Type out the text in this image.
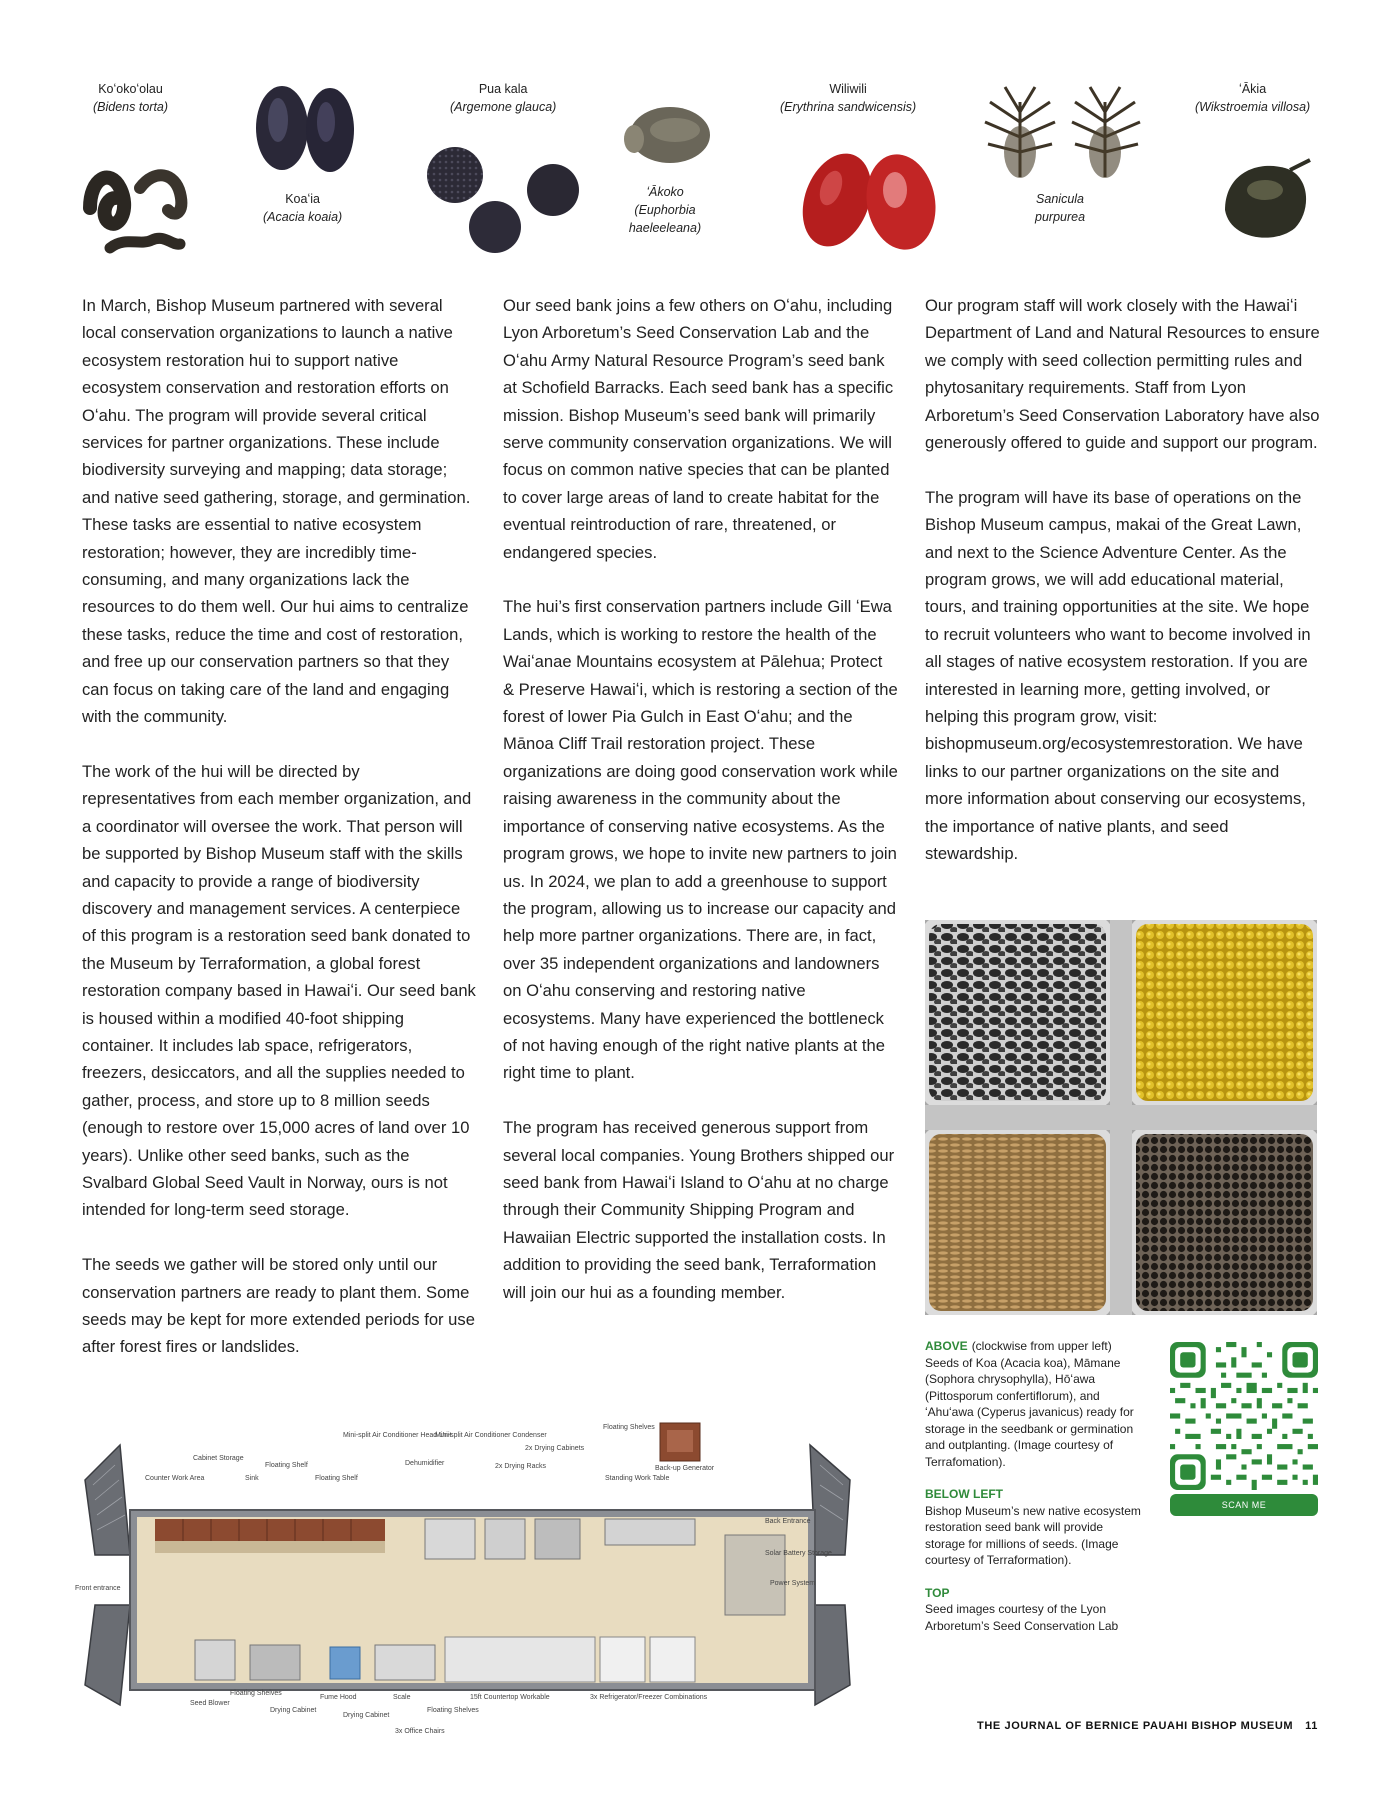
Koʻokoʻolau
(Bidens torta)
Koaʻia
(Acacia koaia)
Pua kala
(Argemone glauca)
ʻĀkoko
(Euphorbia haeleeleana)
Wiliwili
(Erythrina sandwicensis)
Sanicula
purpurea
ʻĀkia
(Wikstroemia villosa)

In March, Bishop Museum partnered with several local conservation organizations to launch a native ecosystem restoration hui to support native ecosystem conservation and restoration efforts on Oʻahu. The program will provide several critical services for partner organizations. These include biodiversity surveying and mapping; data storage; and native seed gathering, storage, and germination. These tasks are essential to native ecosystem restoration; however, they are incredibly time-consuming, and many organizations lack the resources to do them well. Our hui aims to centralize these tasks, reduce the time and cost of restoration, and free up our conservation partners so that they can focus on taking care of the land and engaging with the community.

The work of the hui will be directed by representatives from each member organization, and a coordinator will oversee the work. That person will be supported by Bishop Museum staff with the skills and capacity to provide a range of biodiversity discovery and management services. A centerpiece of this program is a restoration seed bank donated to the Museum by Terraformation, a global forest restoration company based in Hawaiʻi. Our seed bank is housed within a modified 40-foot shipping container. It includes lab space, refrigerators, freezers, desiccators, and all the supplies needed to gather, process, and store up to 8 million seeds (enough to restore over 15,000 acres of land over 10 years). Unlike other seed banks, such as the Svalbard Global Seed Vault in Norway, ours is not intended for long-term seed storage.

The seeds we gather will be stored only until our conservation partners are ready to plant them. Some seeds may be kept for more extended periods for use after forest fires or landslides.

Our seed bank joins a few others on Oʻahu, including Lyon Arboretum’s Seed Conservation Lab and the Oʻahu Army Natural Resource Program’s seed bank at Schofield Barracks. Each seed bank has a specific mission. Bishop Museum’s seed bank will primarily serve community conservation organizations. We will focus on common native species that can be planted to cover large areas of land to create habitat for the eventual reintroduction of rare, threatened, or endangered species.

The hui’s first conservation partners include Gill ʻEwa Lands, which is working to restore the health of the Waiʻanae Mountains ecosystem at Pālehua; Protect & Preserve Hawaiʻi, which is restoring a section of the forest of lower Pia Gulch in East Oʻahu; and the Mānoa Cliff Trail restoration project. These organizations are doing good conservation work while raising awareness in the community about the importance of conserving native ecosystems. As the program grows, we hope to invite new partners to join us. In 2024, we plan to add a greenhouse to support the program, allowing us to increase our capacity and help more partner organizations. There are, in fact, over 35 independent organizations and landowners on Oʻahu conserving and restoring native ecosystems. Many have experienced the bottleneck of not having enough of the right native plants at the right time to plant.

The program has received generous support from several local companies. Young Brothers shipped our seed bank from Hawaiʻi Island to Oʻahu at no charge through their Community Shipping Program and Hawaiian Electric supported the installation costs. In addition to providing the seed bank, Terraformation will join our hui as a founding member.

Our program staff will work closely with the Hawaiʻi Department of Land and Natural Resources to ensure we comply with seed collection permitting rules and phytosanitary requirements. Staff from Lyon Arboretum’s Seed Conservation Laboratory have also generously offered to guide and support our program.

The program will have its base of operations on the Bishop Museum campus, makai of the Great Lawn, and next to the Science Adventure Center. As the program grows, we will add educational material, tours, and training opportunities at the site. We hope to recruit volunteers who want to become involved in all stages of native ecosystem restoration. If you are interested in learning more, getting involved, or helping this program grow, visit: bishopmuseum.org/ecosystemrestoration. We have links to our partner organizations on the site and more information about conserving our ecosystems, the importance of native plants, and seed stewardship.

ABOVE (clockwise from upper left) Seeds of Koa (Acacia koa), Māmane (Sophora chrysophylla), Hōʻawa (Pittosporum confertiflorum), and ʻAhuʻawa (Cyperus javanicus) ready for storage in the seedbank or germination and outplanting. (Image courtesy of Terrafomation).
BELOW LEFT
Bishop Museum’s new native ecosystem restoration seed bank will provide storage for millions of seeds. (Image courtesy of Terraformation).
TOP
Seed images courtesy of the Lyon Arboretum’s Seed Conservation Lab
SCAN ME
Cabinet Storage
Counter Work Area
Floating Shelf
Sink	Floating Shelf
Mini-split Air Conditioner Head Unit
Mini-split Air Conditioner Condenser
Dehumidifier	2x Drying Racks
2x Drying Cabinets
Floating Shelves
Back-up Generator
Standing Work Table
Back Entrance
Solar Battery Storage
Power System
Front entrance
Seed Blower
Floating Shelves
Drying Cabinet
Fume Hood
Drying Cabinet
Scale
Floating Shelves
15ft Countertop Workable	3x Refrigerator/Freezer Combinations
3x Office Chairs	THE JOURNAL OF BERNICE PAUAHI BISHOP MUSEUM 11
